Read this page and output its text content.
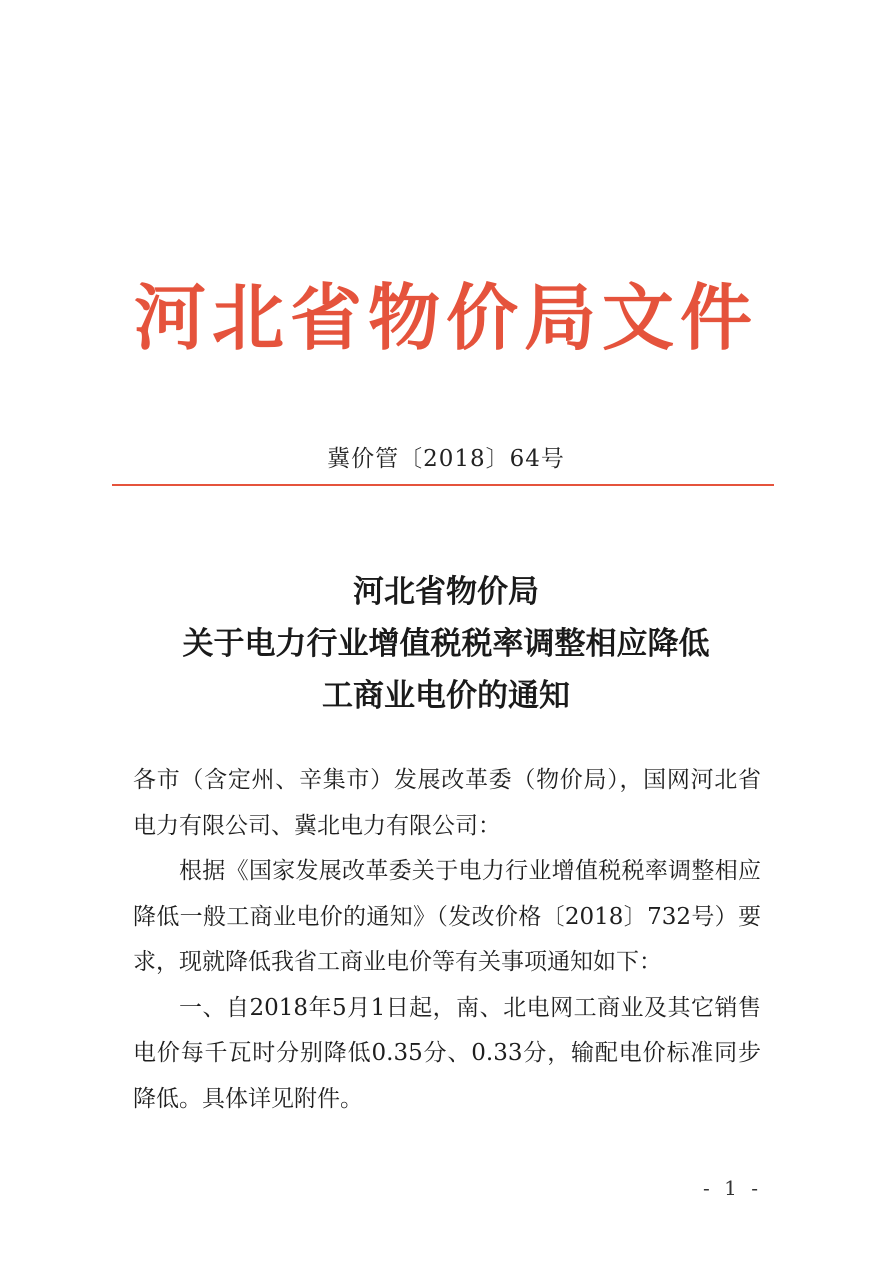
河北省物价局文件
冀价管〔2018〕64号
河北省物价局
关于电力行业增值税税率调整相应降低
工商业电价的通知

各市（含定州、辛集市）发展改革委（物价局），国网河北省电力有限公司、冀北电力有限公司：

根据《国家发展改革委关于电力行业增值税税率调整相应降低一般工商业电价的通知》（发改价格〔2018〕732号）要求，现就降低我省工商业电价等有关事项通知如下：

一、自2018年5月1日起，南、北电网工商业及其它销售电价每千瓦时分别降低0.35分、0.33分，输配电价标准同步降低。具体详见附件。

- 1 -
